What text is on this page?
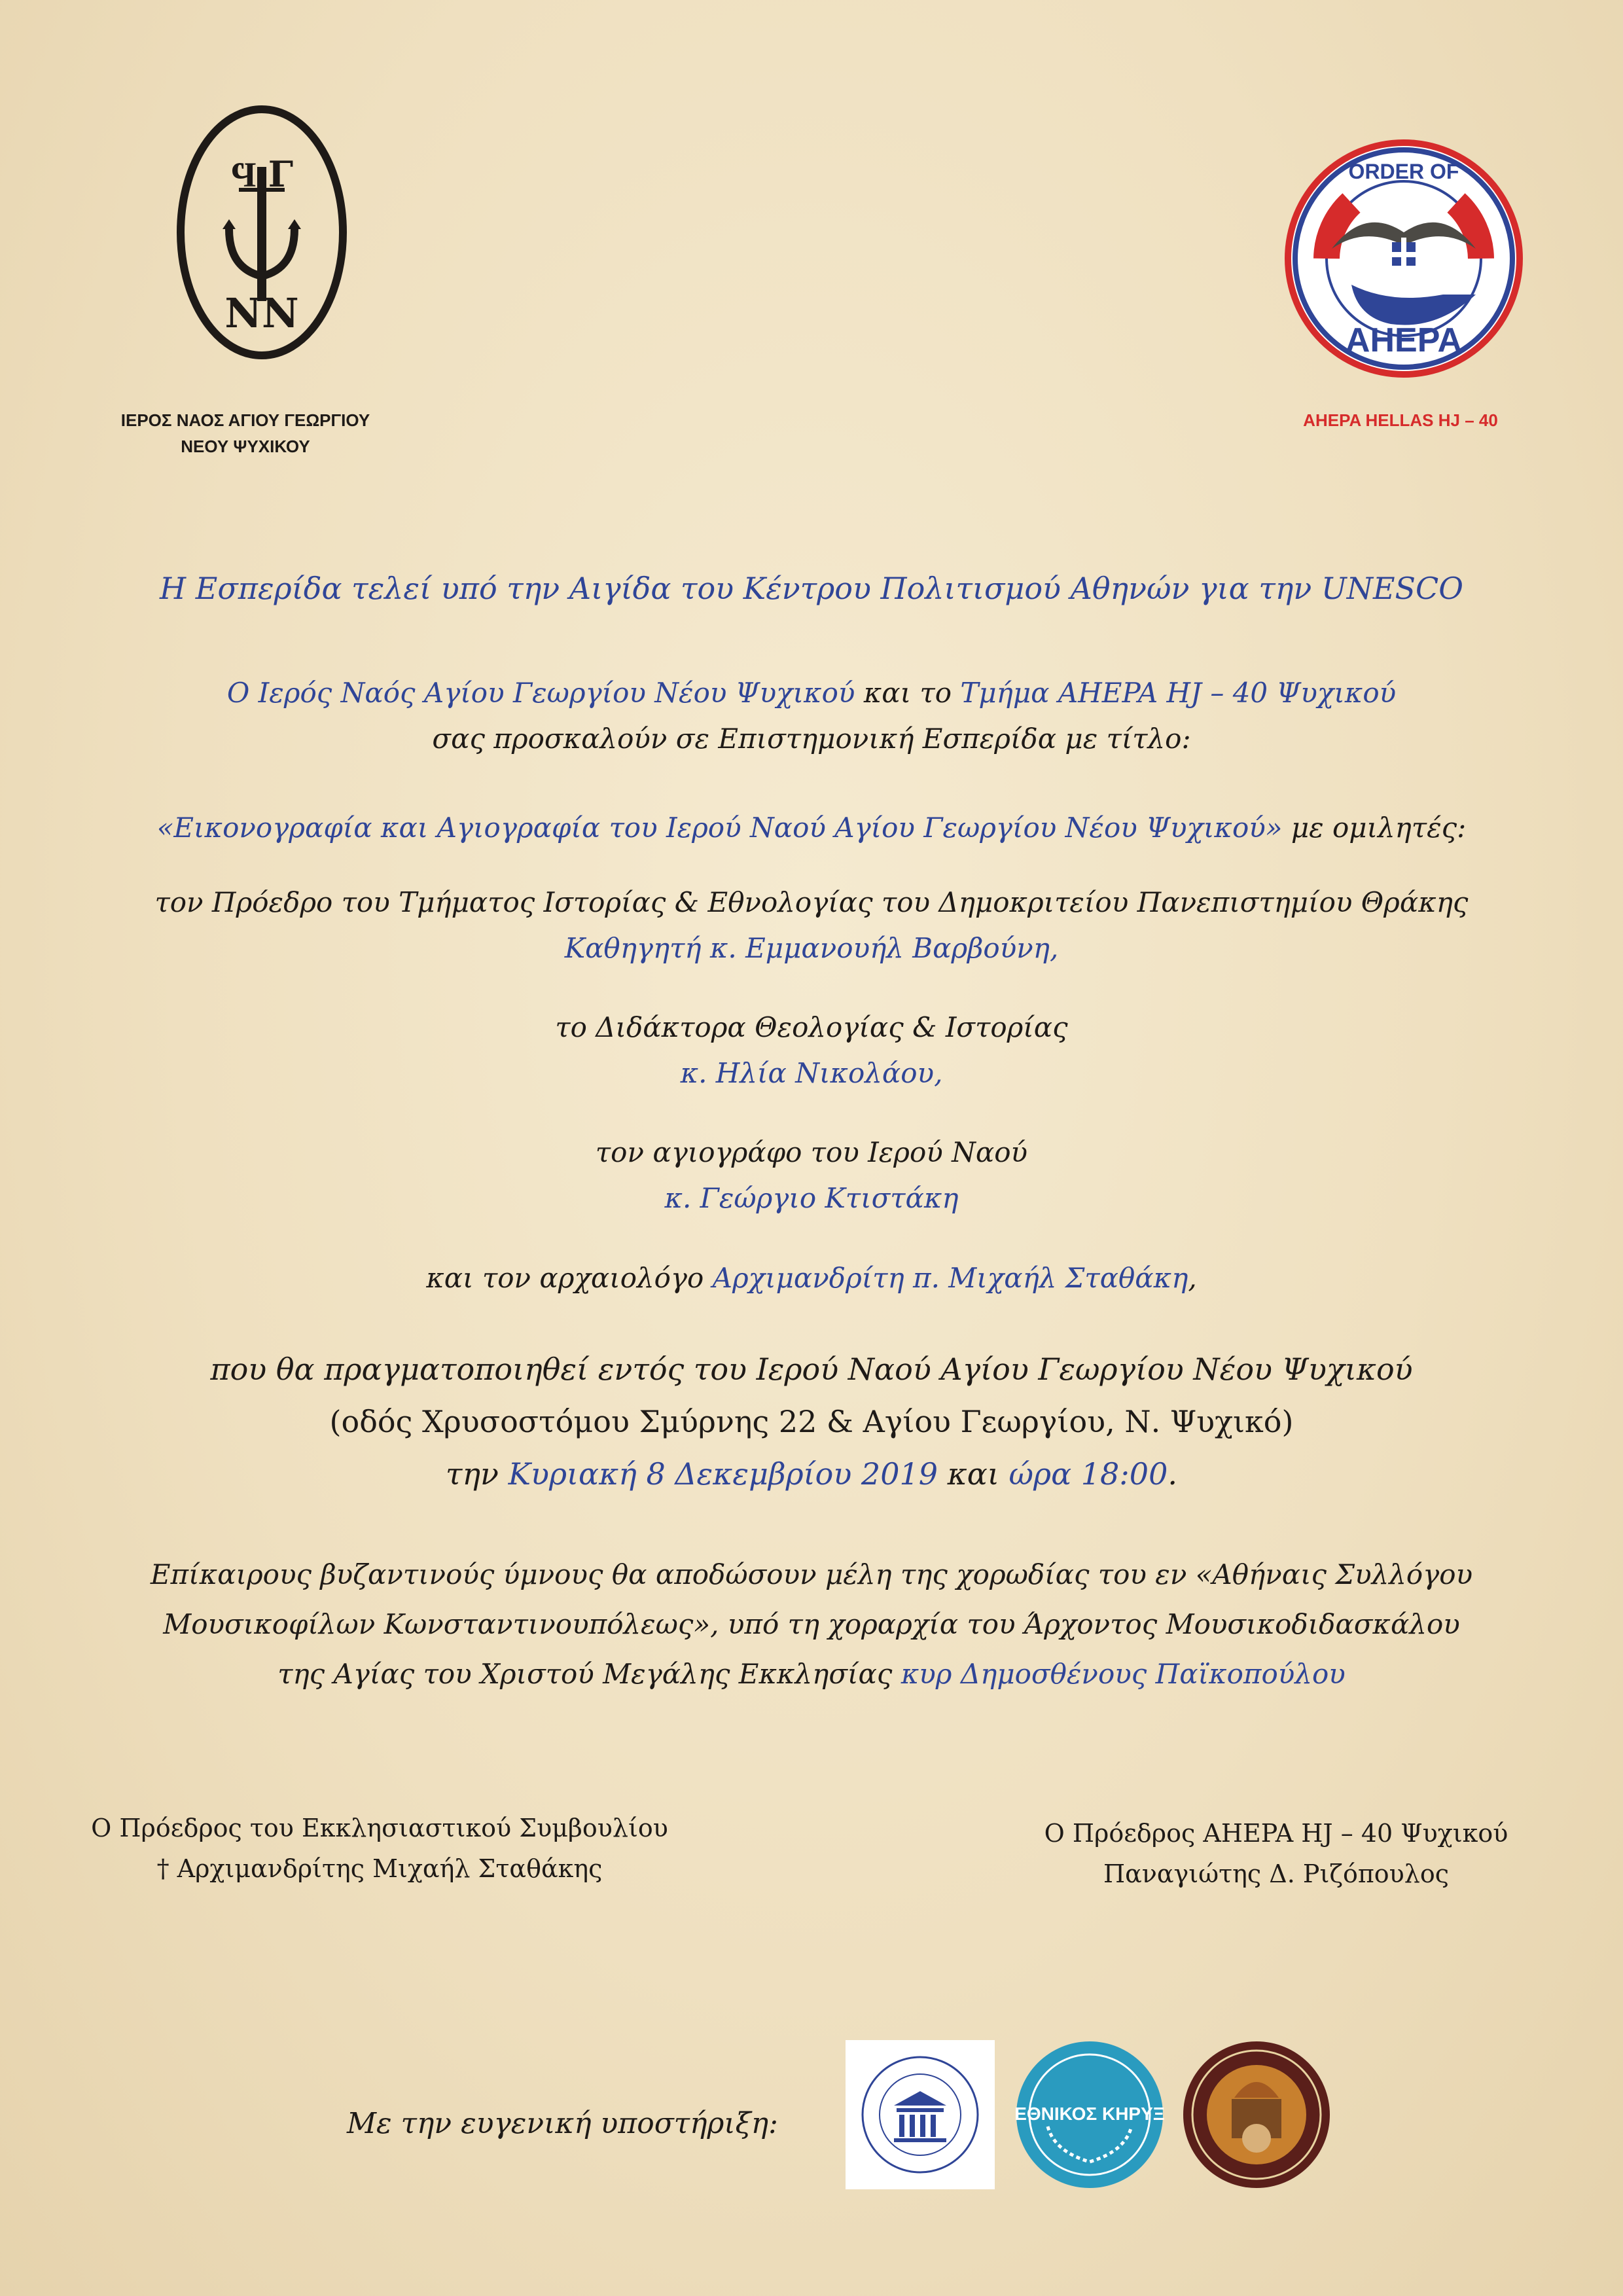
Ϥ Γ
ΝΝ
ΙΕΡΟΣ ΝΑΟΣ ΑΓΙΟΥ ΓΕΩΡΓΙΟΥ
ΝΕΟΥ ΨΥΧΙΚΟΥ
ORDER OF
AHEPA
AHEPA HELLAS HJ – 40
Η Εσπερίδα τελεί υπό την Αιγίδα του Κέντρου Πολιτισμού Αθηνών για την UNESCO
Ο Ιερός Ναός Αγίου Γεωργίου Νέου Ψυχικού και το Τμήμα AHEPA HJ – 40 Ψυχικού
σας προσκαλούν σε Επιστημονική Εσπερίδα με τίτλο:
«Εικονογραφία και Αγιογραφία του Ιερού Ναού Αγίου Γεωργίου Νέου Ψυχικού» με ομιλητές:
τον Πρόεδρο του Τμήματος Ιστορίας & Εθνολογίας του Δημοκριτείου Πανεπιστημίου Θράκης
Καθηγητή κ. Εμμανουήλ Βαρβούνη,
το Διδάκτορα Θεολογίας & Ιστορίας
κ. Ηλία Νικολάου,
τον αγιογράφο του Ιερού Ναού
κ. Γεώργιο Κτιστάκη
και τον αρχαιολόγο Αρχιμανδρίτη π. Μιχαήλ Σταθάκη,
που θα πραγματοποιηθεί εντός του Ιερού Ναού Αγίου Γεωργίου Νέου Ψυχικού
(οδός Χρυσοστόμου Σμύρνης 22 & Αγίου Γεωργίου, Ν. Ψυχικό)
την Κυριακή 8 Δεκεμβρίου 2019 και ώρα 18:00.
Επίκαιρους βυζαντινούς ύμνους θα αποδώσουν μέλη της χορωδίας του εν «Αθήναις Συλλόγου
Μουσικοφίλων Κωνσταντινουπόλεως», υπό τη χοραρχία του Άρχοντος Μουσικοδιδασκάλου
της Αγίας του Χριστού Μεγάλης Εκκλησίας κυρ Δημοσθένους Παϊκοπούλου
Ο Πρόεδρος του Εκκλησιαστικού Συμβουλίου
† Αρχιμανδρίτης Μιχαήλ Σταθάκης
Ο Πρόεδρος AHEPA HJ – 40 Ψυχικού
Παναγιώτης Δ. Ριζόπουλος
Με την ευγενική υποστήριξη:	ΕΘΝΙΚΟΣ ΚΗΡΥΞ
